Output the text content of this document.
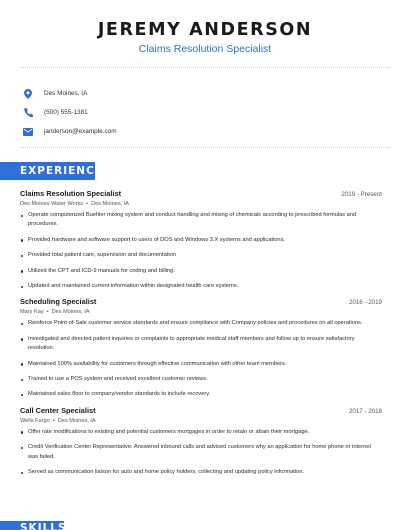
JEREMY ANDERSON
Claims Resolution Specialist
Des Moines, IA
(500) 555-1381
janderson@example.com
EXPERIENCE
Claims Resolution Specialist	2019 - Present
Des Moines Water Works • Des Moines, IA
Operate computerized Buehler mixing system and conduct handling and mixing of chemicals according to prescribed formulas and procedures.
Provided hardware and software support to users of DOS and Windows 3.X systems and applications.
Provided total patient care, supervision and documentation
Utilized the CPT and ICD-9 manuals for coding and billing.
Updated and maintained current information within designated health care systems.
Scheduling Specialist	2016 - 2019
Mary Kay • Des Moines, IA
Reinforce Point-of-Sale customer service standards and ensure compliance with Company policies and procedures on all operations.
Investigated and directed patient inquiries or complaints to appropriate medical staff members and follow up to ensure satisfactory resolution.
Maintained 100% availability for customers through effective communication with other team members.
Trained to use a POS system and received excellent customer reviews.
Maintained sales floor to company/vendor standards to include recovery.
Call Center Specialist	2017 - 2018
Wells Fargo • Des Moines, IA
Offer rate modifications to existing and potential customers mortgages in order to retain or attain their mortgage.
Credit Verification Center Representative: Answered inbound calls and advised customers why an application for home phone or internet was failed.
Served as communication liaison for auto and home policy holders, collecting and updating policy information.
SKILLS
